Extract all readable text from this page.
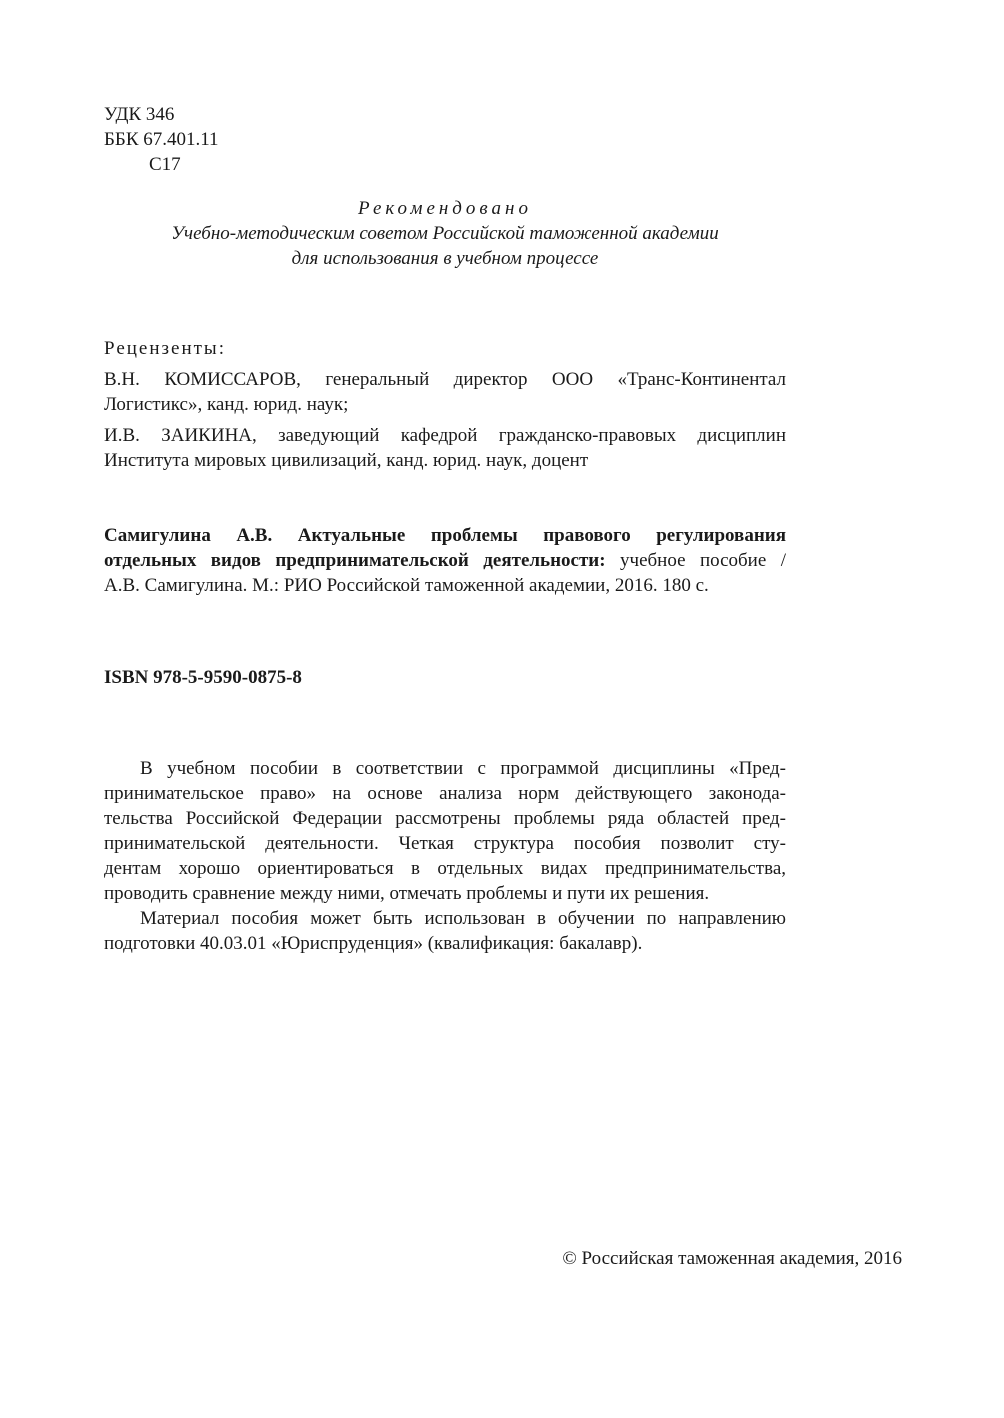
УДК 346
ББК 67.401.11
С17
Рекомендовано
Учебно-методическим советом Российской таможенной академии
для использования в учебном процессе
Рецензенты:
В.Н. КОМИССАРОВ, генеральный директор ООО «Транс-Континентал
Логистикс», канд. юрид. наук;
И.В. ЗАИКИНА, заведующий кафедрой гражданско-правовых дисциплин
Института мировых цивилизаций, канд. юрид. наук, доцент
Самигулина А.В. Актуальные проблемы правового регулирования
отдельных видов предпринимательской деятельности: учебное пособие /
А.В. Самигулина. М.: РИО Российской таможенной академии, 2016. 180 с.
ISBN 978-5-9590-0875-8
В учебном пособии в соответствии с программой дисциплины «Пред-
принимательское право» на основе анализа норм действующего законода-
тельства Российской Федерации рассмотрены проблемы ряда областей пред-
принимательской деятельности. Четкая структура пособия позволит сту-
дентам хорошо ориентироваться в отдельных видах предпринимательства,
проводить сравнение между ними, отмечать проблемы и пути их решения.
Материал пособия может быть использован в обучении по направлению
подготовки 40.03.01 «Юриспруденция» (квалификация: бакалавр).
© Российская таможенная академия, 2016
